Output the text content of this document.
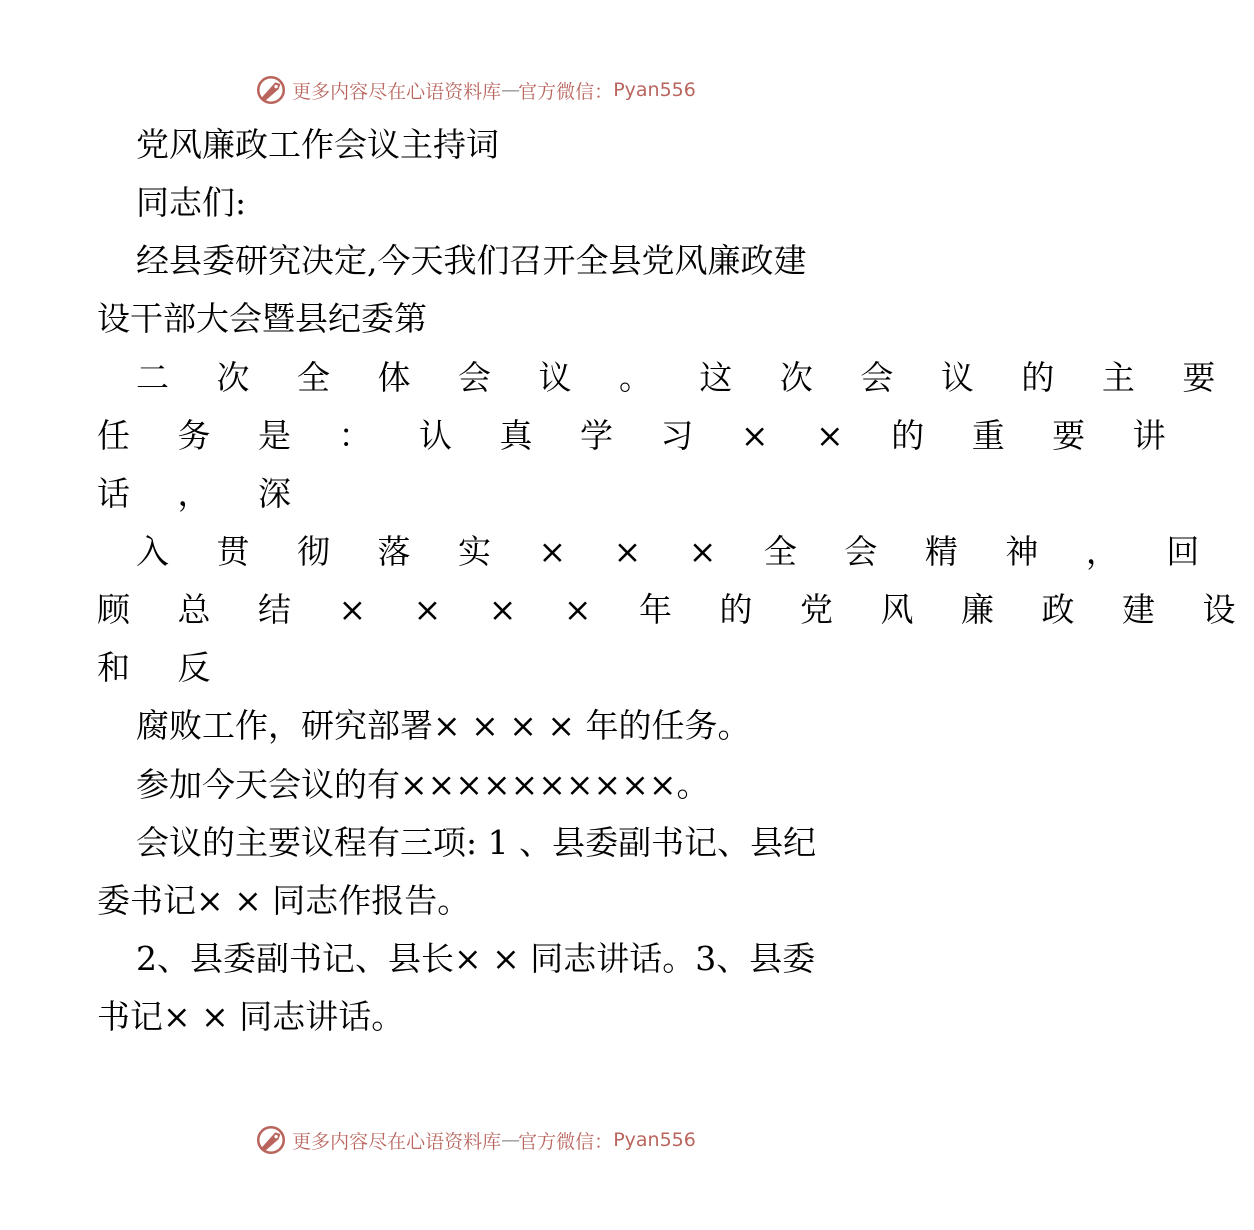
更多内容尽在心语资料库 — 官方微信： Pyan556
党风廉政工作会议主持词
同志们:
经县委研究决定,今天我们召开全县党风廉政建
设干部大会暨县纪委第
二 次 全 体 会 议 。 这 次 会 议 的 主 要
任 务 是 ： 认 真 学 习 × × 的 重 要 讲
话 ， 深
入 贯 彻 落 实 × × × 全 会 精 神 ， 回
顾 总 结 × × × × 年 的 党 风 廉 政 建 设
和 反
腐败工作，研究部署× × × × 年的任务。
参加今天会议的有××××××××××。
会议的主要议程有三项: 1 、县委副书记、县纪
委书记× × 同志作报告。
2、县委副书记、县长× × 同志讲话。3、县委
书记× × 同志讲话。
更多内容尽在心语资料库 — 官方微信： Pyan556
